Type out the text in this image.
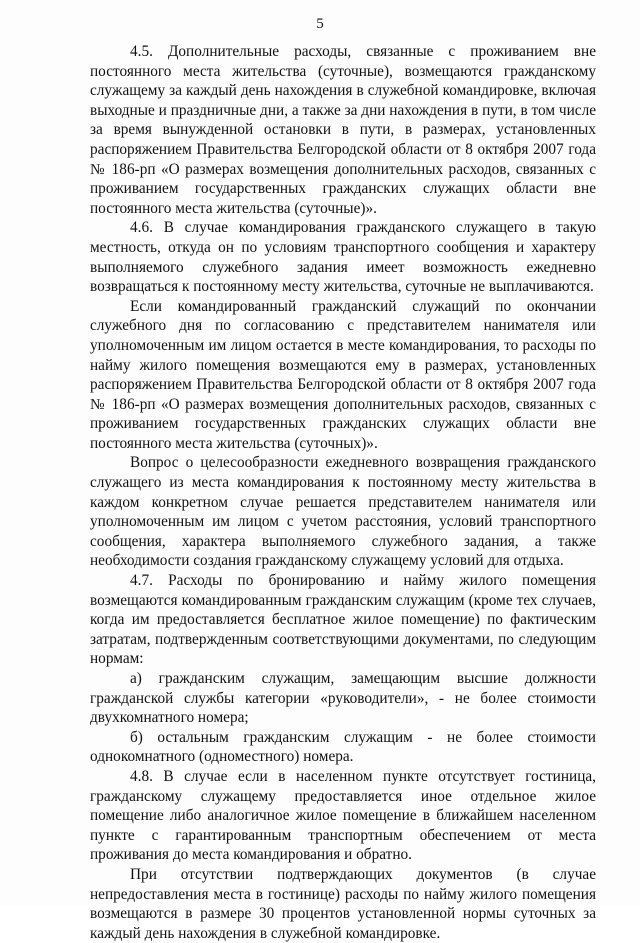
5

4.5. Дополнительные расходы, связанные с проживанием вне постоянного места жительства (суточные), возмещаются гражданскому служащему за каждый день нахождения в служебной командировке, включая выходные и праздничные дни, а также за дни нахождения в пути, в том числе за время вынужденной остановки в пути, в размерах, установленных распоряжением Правительства Белгородской области от 8 октября 2007 года № 186-рп «О размерах возмещения дополнительных расходов, связанных с проживанием государственных гражданских служащих области вне постоянного места жительства (суточные)».

4.6. В случае командирования гражданского служащего в такую местность, откуда он по условиям транспортного сообщения и характеру выполняемого служебного задания имеет возможность ежедневно возвращаться к постоянному месту жительства, суточные не выплачиваются.

Если командированный гражданский служащий по окончании служебного дня по согласованию с представителем нанимателя или уполномоченным им лицом остается в месте командирования, то расходы по найму жилого помещения возмещаются ему в размерах, установленных распоряжением Правительства Белгородской области от 8 октября 2007 года № 186-рп «О размерах возмещения дополнительных расходов, связанных с проживанием государственных гражданских служащих области вне постоянного места жительства (суточных)».

Вопрос о целесообразности ежедневного возвращения гражданского служащего из места командирования к постоянному месту жительства в каждом конкретном случае решается представителем нанимателя или уполномоченным им лицом с учетом расстояния, условий транспортного сообщения, характера выполняемого служебного задания, а также необходимости создания гражданскому служащему условий для отдыха.

4.7. Расходы по бронированию и найму жилого помещения возмещаются командированным гражданским служащим (кроме тех случаев, когда им предоставляется бесплатное жилое помещение) по фактическим затратам, подтвержденным соответствующими документами, по следующим нормам:

а) гражданским служащим, замещающим высшие должности гражданской службы категории «руководители», - не более стоимости двухкомнатного номера;

б) остальным гражданским служащим - не более стоимости однокомнатного (одноместного) номера.

4.8. В случае если в населенном пункте отсутствует гостиница, гражданскому служащему предоставляется иное отдельное жилое помещение либо аналогичное жилое помещение в ближайшем населенном пункте с гарантированным транспортным обеспечением от места проживания до места командирования и обратно.

При отсутствии подтверждающих документов (в случае непредоставления места в гостинице) расходы по найму жилого помещения возмещаются в размере 30 процентов установленной нормы суточных за каждый день нахождения в служебной командировке.
